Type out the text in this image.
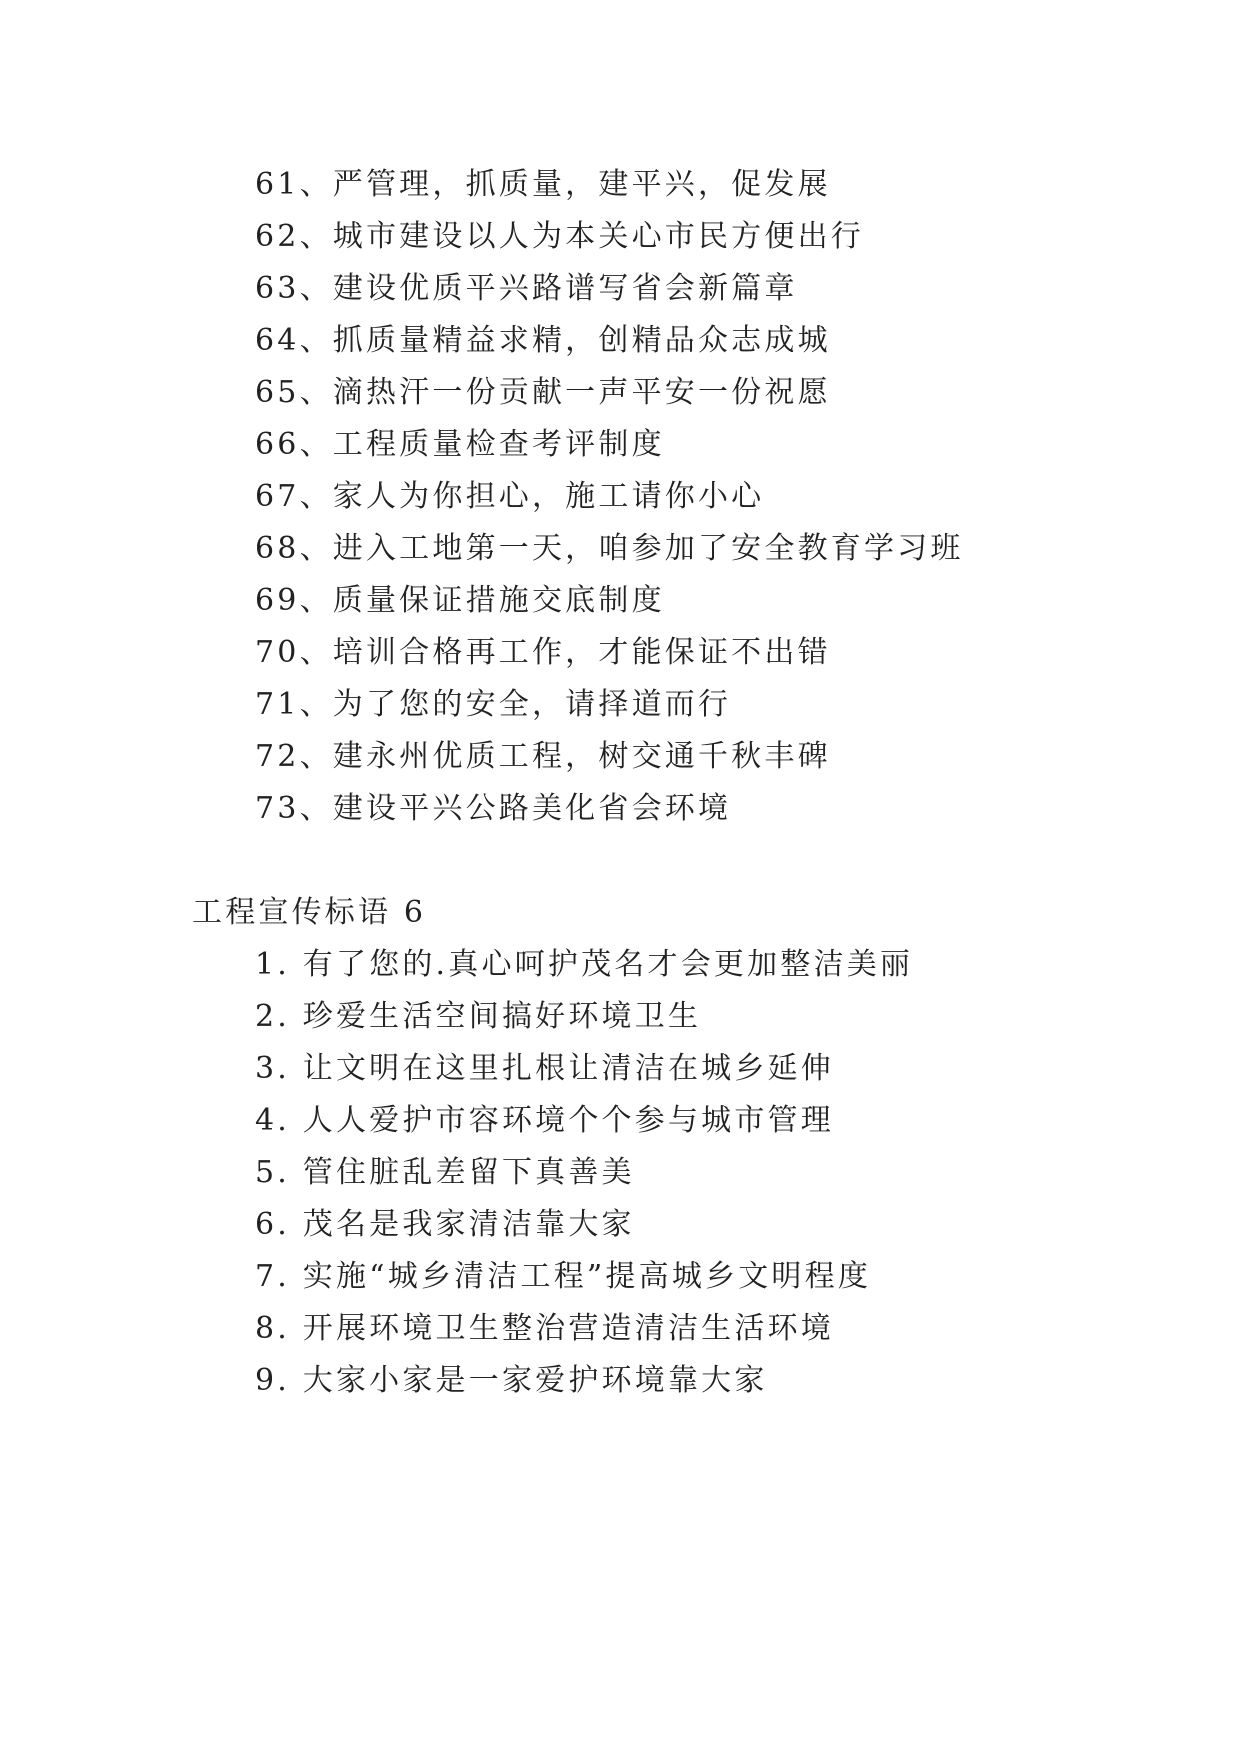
61、严管理，抓质量，建平兴，促发展
62、城市建设以人为本关心市民方便出行
63、建设优质平兴路谱写省会新篇章
64、抓质量精益求精，创精品众志成城
65、滴热汗一份贡献一声平安一份祝愿
66、工程质量检查考评制度
67、家人为你担心，施工请你小心
68、进入工地第一天，咱参加了安全教育学习班
69、质量保证措施交底制度
70、培训合格再工作，才能保证不出错
71、为了您的安全，请择道而行
72、建永州优质工程，树交通千秋丰碑
73、建设平兴公路美化省会环境
工程宣传标语 6
1. 有了您的.真心呵护茂名才会更加整洁美丽
2. 珍爱生活空间搞好环境卫生
3. 让文明在这里扎根让清洁在城乡延伸
4. 人人爱护市容环境个个参与城市管理
5. 管住脏乱差留下真善美
6. 茂名是我家清洁靠大家
7. 实施“城乡清洁工程”提高城乡文明程度
8. 开展环境卫生整治营造清洁生活环境
9. 大家小家是一家爱护环境靠大家
